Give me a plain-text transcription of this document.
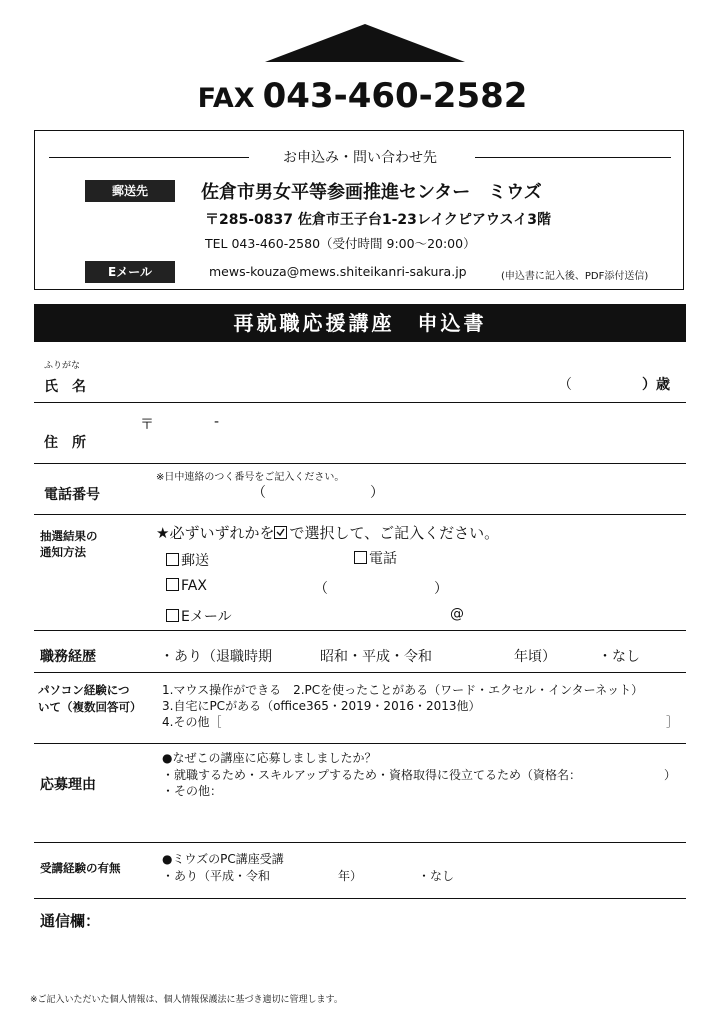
FAX 043-460-2582
お申込み・問い合わせ先
郵送先	佐倉市男女平等参画推進センター　ミウズ
〒285-0837 佐倉市王子台1-23レイクピアウスイ3階
TEL 043-460-2580（受付時間 9:00～20:00）
Eメール	mews-kouza@mews.shiteikanri-sakura.jp	(申込書に記入後、PDF添付送信)
再就職応援講座　申込書
ふりがな
氏　名	（	）歳
〒	-
住　所
※日中連絡のつく番号をご記入ください。
電話番号	（	）
抽選結果の
通知方法
★必ずいずれかを で選択して、ご記入ください。
郵送	電話
FAX	（	）
Eメール	@
職務経歴	・あり（退職時期	昭和・平成・令和	年頃）	・なし
パソコン経験につ
いて（複数回答可）
1.マウス操作ができる　2.PCを使ったことがある（ワード・エクセル・インターネット）
3.自宅にPCがある（office365・2019・2016・2013他）
4.その他［	］
●なぜこの講座に応募しましましたか？
・就職するため・スキルアップするため・資格取得に役立てるため（資格名：	）
・その他：
応募理由
受講経験の有無
●ミウズのPC講座受講
・あり（平成・令和	年）	・なし
通信欄：
※ご記入いただいた個人情報は、個人情報保護法に基づき適切に管理します。
